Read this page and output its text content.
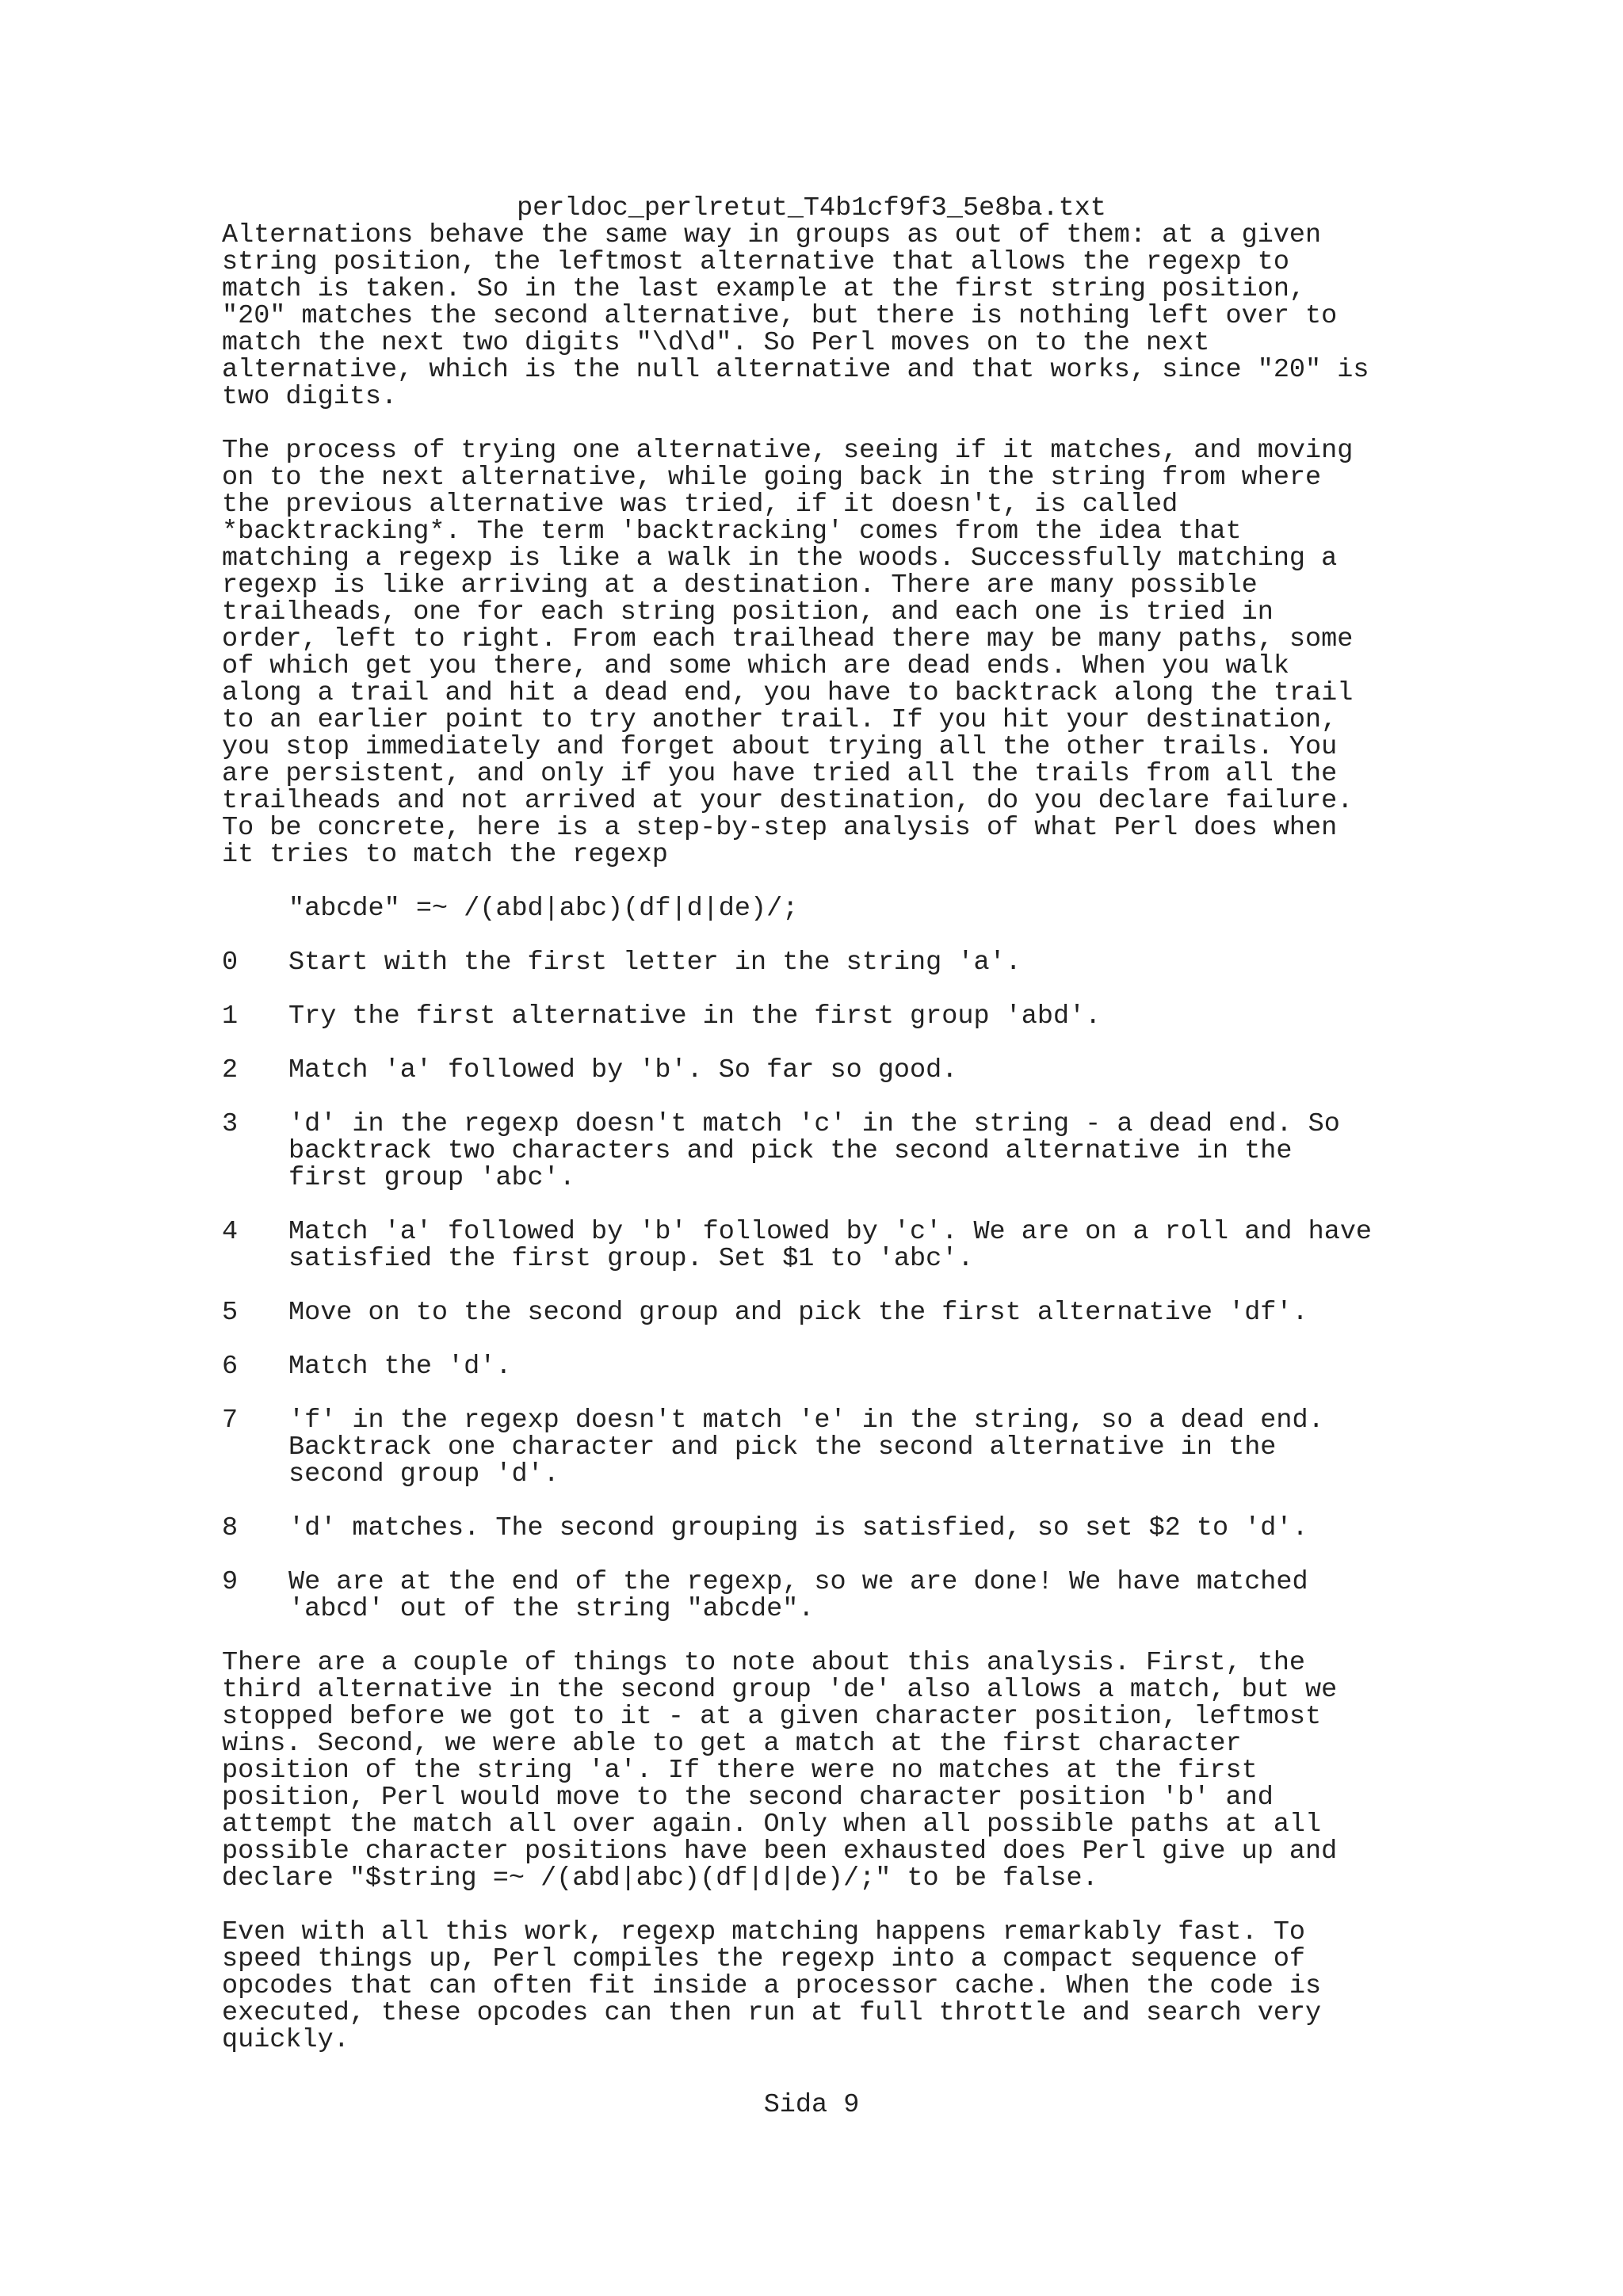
perldoc_perlretut_T4b1cf9f3_5e8ba.txt
Alternations behave the same way in groups as out of them: at a given
string position, the leftmost alternative that allows the regexp to
match is taken. So in the last example at the first string position,
"20" matches the second alternative, but there is nothing left over to
match the next two digits "\d\d". So Perl moves on to the next
alternative, which is the null alternative and that works, since "20" is
two digits.
The process of trying one alternative, seeing if it matches, and moving
on to the next alternative, while going back in the string from where
the previous alternative was tried, if it doesn't, is called
*backtracking*. The term 'backtracking' comes from the idea that
matching a regexp is like a walk in the woods. Successfully matching a
regexp is like arriving at a destination. There are many possible
trailheads, one for each string position, and each one is tried in
order, left to right. From each trailhead there may be many paths, some
of which get you there, and some which are dead ends. When you walk
along a trail and hit a dead end, you have to backtrack along the trail
to an earlier point to try another trail. If you hit your destination,
you stop immediately and forget about trying all the other trails. You
are persistent, and only if you have tried all the trails from all the
trailheads and not arrived at your destination, do you declare failure.
To be concrete, here is a step-by-step analysis of what Perl does when
it tries to match the regexp
"abcde" =~ /(abd|abc)(df|d|de)/;
0	Start with the first letter in the string 'a'.
1	Try the first alternative in the first group 'abd'.
2	Match 'a' followed by 'b'. So far so good.
3	'd' in the regexp doesn't match 'c' in the string - a dead end. So
backtrack two characters and pick the second alternative in the
first group 'abc'.
4	Match 'a' followed by 'b' followed by 'c'. We are on a roll and have
satisfied the first group. Set $1 to 'abc'.
5	Move on to the second group and pick the first alternative 'df'.
6	Match the 'd'.
7	'f' in the regexp doesn't match 'e' in the string, so a dead end.
Backtrack one character and pick the second alternative in the
second group 'd'.
8	'd' matches. The second grouping is satisfied, so set $2 to 'd'.
9	We are at the end of the regexp, so we are done! We have matched
'abcd' out of the string "abcde".
There are a couple of things to note about this analysis. First, the
third alternative in the second group 'de' also allows a match, but we
stopped before we got to it - at a given character position, leftmost
wins. Second, we were able to get a match at the first character
position of the string 'a'. If there were no matches at the first
position, Perl would move to the second character position 'b' and
attempt the match all over again. Only when all possible paths at all
possible character positions have been exhausted does Perl give up and
declare "$string =~ /(abd|abc)(df|d|de)/;" to be false.
Even with all this work, regexp matching happens remarkably fast. To
speed things up, Perl compiles the regexp into a compact sequence of
opcodes that can often fit inside a processor cache. When the code is
executed, these opcodes can then run at full throttle and search very
quickly.
Sida 9
